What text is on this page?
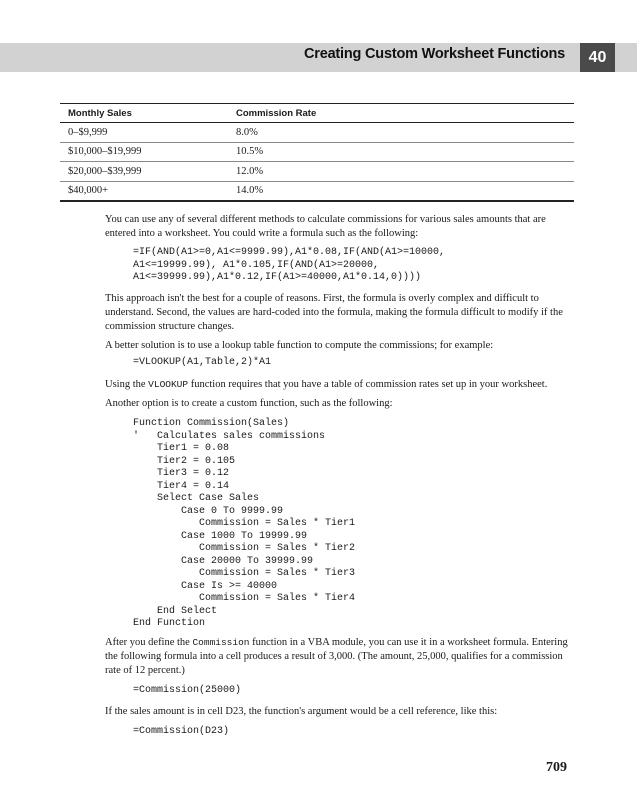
Creating Custom Worksheet Functions	40
Monthly Sales	Commission Rate
0–$9,999	8.0%
$10,000–$19,999	10.5%
$20,000–$39,999	12.0%
$40,000+	14.0%

You can use any of several different methods to calculate commissions for various sales amounts that are entered into a worksheet. You could write a formula such as the following:

=IF(AND(A1>=0,A1<=9999.99),A1*0.08,IF(AND(A1>=10000,
A1<=19999.99), A1*0.105,IF(AND(A1>=20000,
A1<=39999.99),A1*0.12,IF(A1>=40000,A1*0.14,0))))

This approach isn't the best for a couple of reasons. First, the formula is overly complex and difficult to understand. Second, the values are hard-coded into the formula, making the formula difficult to modify if the commission structure changes.

A better solution is to use a lookup table function to compute the commissions; for example:

=VLOOKUP(A1,Table,2)*A1

Using the VLOOKUP function requires that you have a table of commission rates set up in your worksheet.

Another option is to create a custom function, such as the following:

Function Commission(Sales)
'   Calculates sales commissions
Tier1 = 0.08
Tier2 = 0.105
Tier3 = 0.12
Tier4 = 0.14
Select Case Sales
Case 0 To 9999.99
Commission = Sales * Tier1
Case 1000 To 19999.99
Commission = Sales * Tier2
Case 20000 To 39999.99
Commission = Sales * Tier3
Case Is >= 40000
Commission = Sales * Tier4
End Select
End Function

After you define the Commission function in a VBA module, you can use it in a worksheet formula. Entering the following formula into a cell produces a result of 3,000. (The amount, 25,000, qualifies for a commission rate of 12 percent.)

=Commission(25000)

If the sales amount is in cell D23, the function's argument would be a cell reference, like this:

=Commission(D23)
709
